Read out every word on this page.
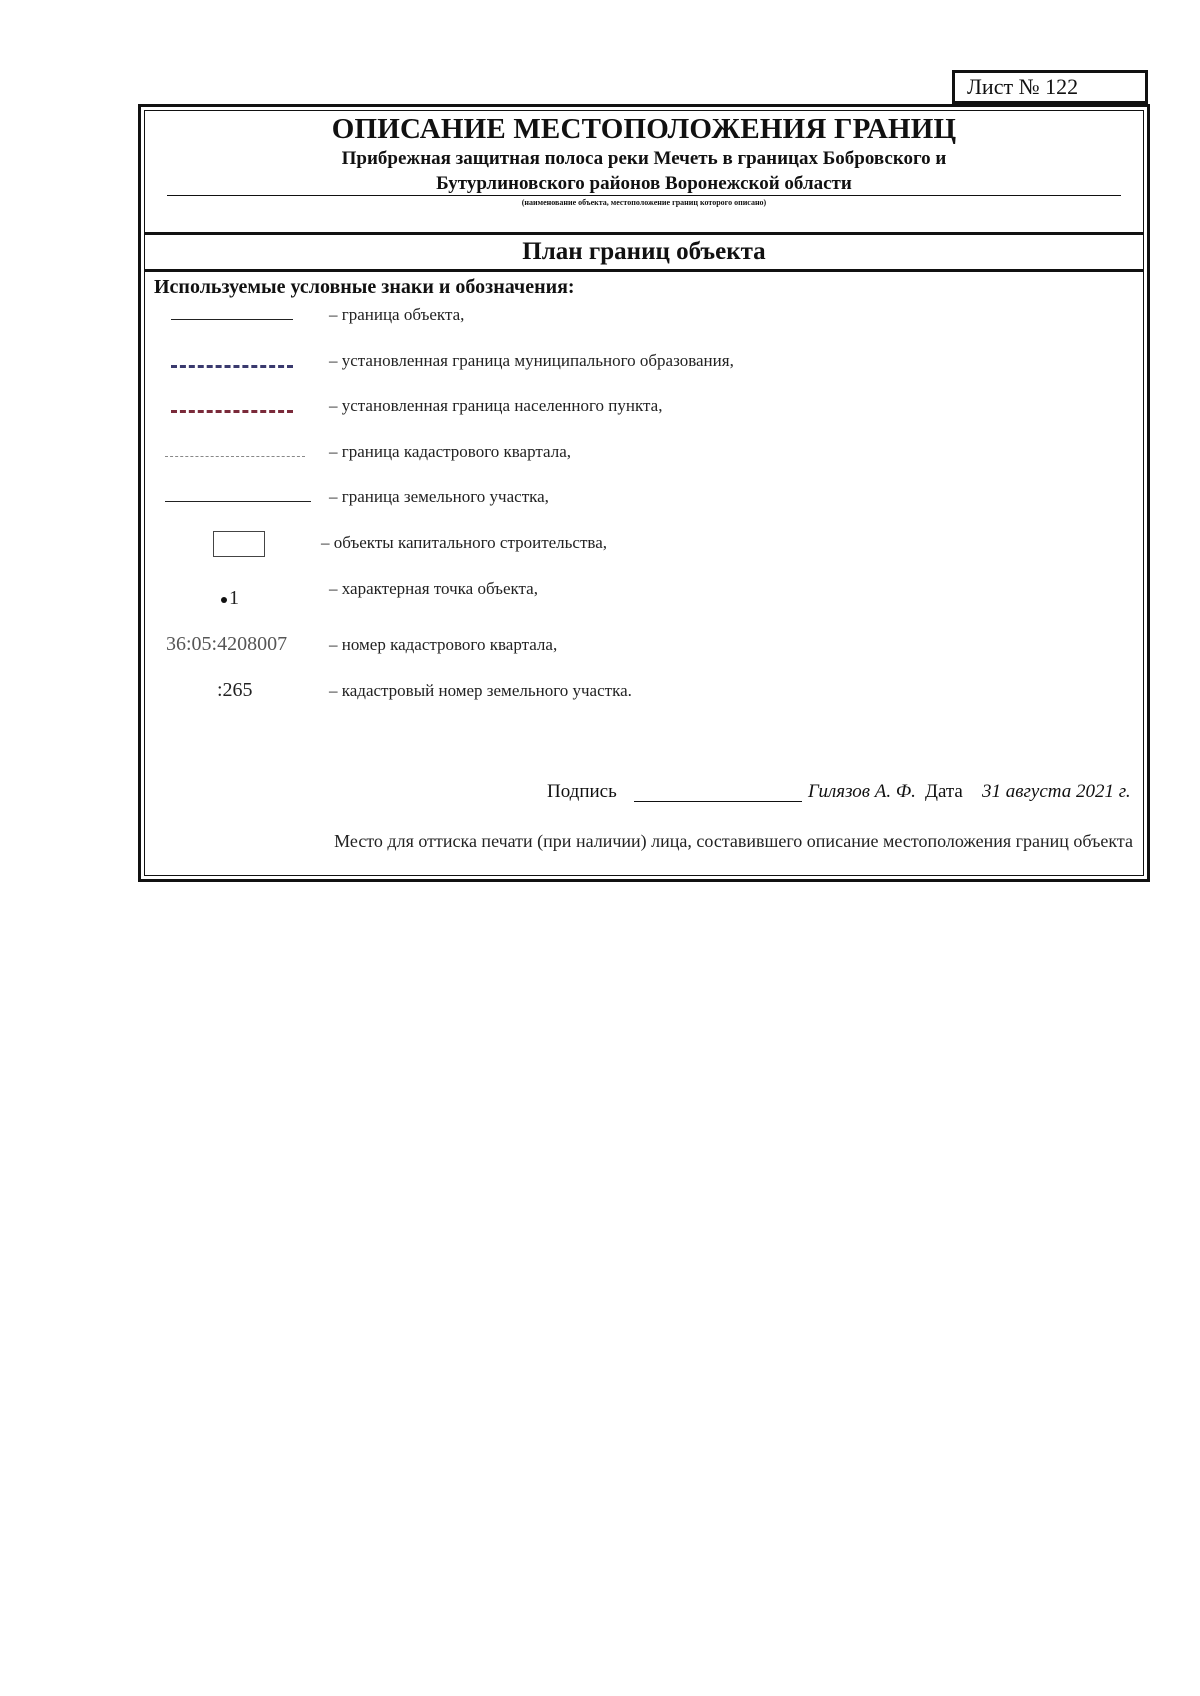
Лист № 122
ОПИСАНИЕ МЕСТОПОЛОЖЕНИЯ ГРАНИЦ
Прибрежная защитная полоса реки Мечеть в границах Бобровского и
Бутурлиновского районов Воронежской области
(наименование объекта, местоположение границ которого описано)
План границ объекта
Используемые условные знаки и обозначения:
– граница объекта,
– установленная граница муниципального образования,
– установленная граница населенного пункта,
– граница кадастрового квартала,
– граница земельного участка,
– объекты капитального строительства,
1	– характерная точка объекта,
36:05:4208007 – номер кадастрового квартала,
:265	– кадастровый номер земельного участка.
Подпись	Гилязов А. Ф. Дата 31 августа 2021 г.
Место для оттиска печати (при наличии) лица, составившего описание местоположения границ объекта
